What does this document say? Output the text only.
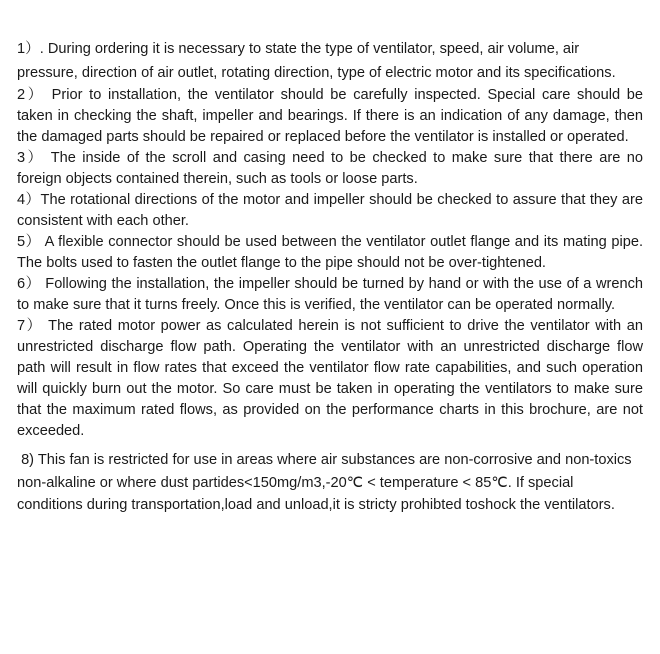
1）. During ordering it is necessary to state the type of ventilator, speed, air volume, air pressure, direction of air outlet, rotating direction, type of electric motor and its specifications.

2） Prior to installation, the ventilator should be carefully inspected. Special care should be taken in checking the shaft, impeller and bearings. If there is an indication of any damage, then the damaged parts should be repaired or replaced before the ventilator is installed or operated.

3） The inside of the scroll and casing need to be checked to make sure that there are no foreign objects contained therein, such as tools or loose parts.

4）The rotational directions of the motor and impeller should be checked to assure that they are consistent with each other.

5） A flexible connector should be used between the ventilator outlet flange and its mating pipe. The bolts used to fasten the outlet flange to the pipe should not be over-tightened.

6） Following the installation, the impeller should be turned by hand or with the use of a wrench to make sure that it turns freely. Once this is verified, the ventilator can be operated normally.

7） The rated motor power as calculated herein is not sufficient to drive the ventilator with an unrestricted discharge flow path. Operating the ventilator with an unrestricted discharge flow path will result in flow rates that exceed the ventilator flow rate capabilities, and such operation will quickly burn out the motor. So care must be taken in operating the ventilators to make sure that the maximum rated flows, as provided on the performance charts in this brochure, are not exceeded.

8) This fan is restricted for use in areas where air substances are non-corrosive and non-toxics non-alkaline or where dust partides<150mg/m3,-20℃ < temperature < 85℃. If special conditions during transportation,load and unload,it is stricty prohibted toshock the ventilators.
